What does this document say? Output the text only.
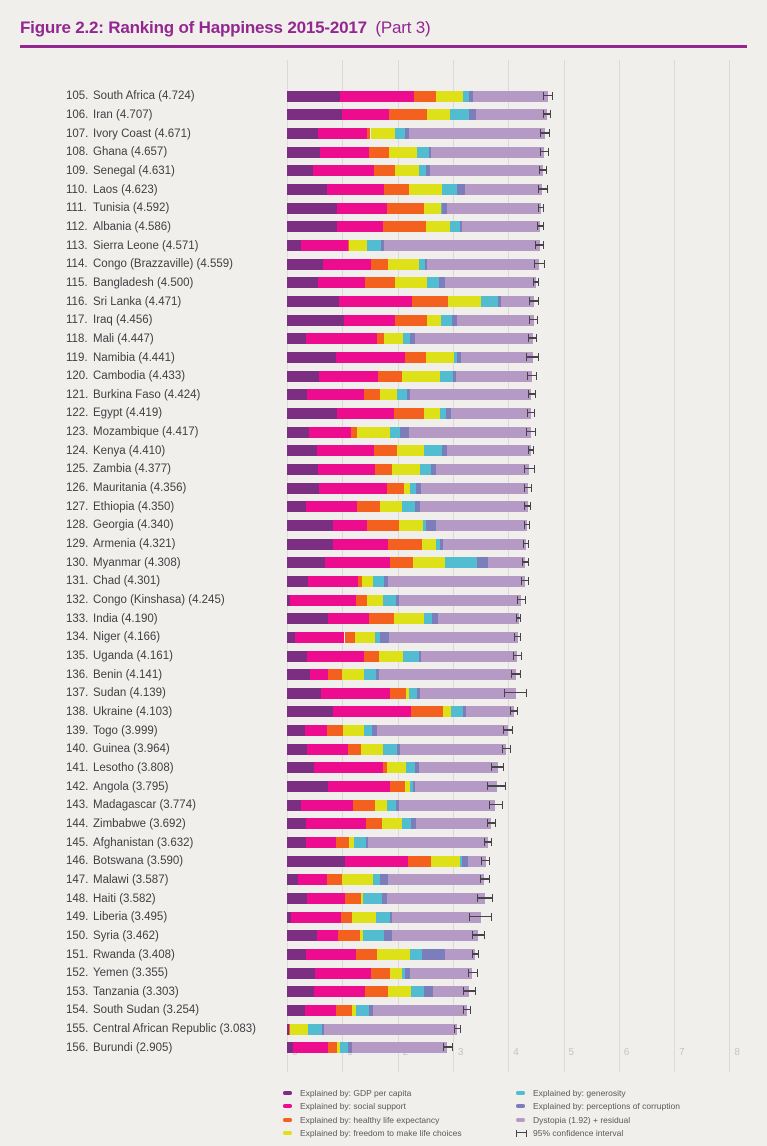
Figure 2.2: Ranking of Happiness 2015-2017 (Part 3)
3	4	5	6	7	8
105. South Africa (4.724)
106. Iran (4.707)
107. Ivory Coast (4.671)
108. Ghana (4.657)
109. Senegal (4.631)
110. Laos (4.623)
111. Tunisia (4.592)
112. Albania (4.586)
113. Sierra Leone (4.571)
114. Congo (Brazzaville) (4.559)
115. Bangladesh (4.500)
116. Sri Lanka (4.471)
117. Iraq (4.456)
118. Mali (4.447)
119. Namibia (4.441)
120. Cambodia (4.433)
121. Burkina Faso (4.424)
122. Egypt (4.419)
123. Mozambique (4.417)
124. Kenya (4.410)
125. Zambia (4.377)
126. Mauritania (4.356)
127. Ethiopia (4.350)
128. Georgia (4.340)
129. Armenia (4.321)
130. Myanmar (4.308)
131. Chad (4.301)
132. Congo (Kinshasa) (4.245)
133. India (4.190)
134. Niger (4.166)
135. Uganda (4.161)
136. Benin (4.141)
137. Sudan (4.139)
138. Ukraine (4.103)
139. Togo (3.999)
140. Guinea (3.964)
141. Lesotho (3.808)
142. Angola (3.795)
143. Madagascar (3.774)
144. Zimbabwe (3.692)
145. Afghanistan (3.632)
146. Botswana (3.590)
147. Malawi (3.587)
148. Haiti (3.582)
149. Liberia (3.495)
150. Syria (3.462)
151. Rwanda (3.408)
152. Yemen (3.355)
153. Tanzania (3.303)
154. South Sudan (3.254)
155. Central African Republic (3.083)
156. Burundi (2.905)
Explained by: GDP per capita
Explained by: social support
Explained by: healthy life expectancy
Explained by: freedom to make life choices
Explained by: generosity
Explained by: perceptions of corruption
Dystopia (1.92) + residual
95% confidence interval
